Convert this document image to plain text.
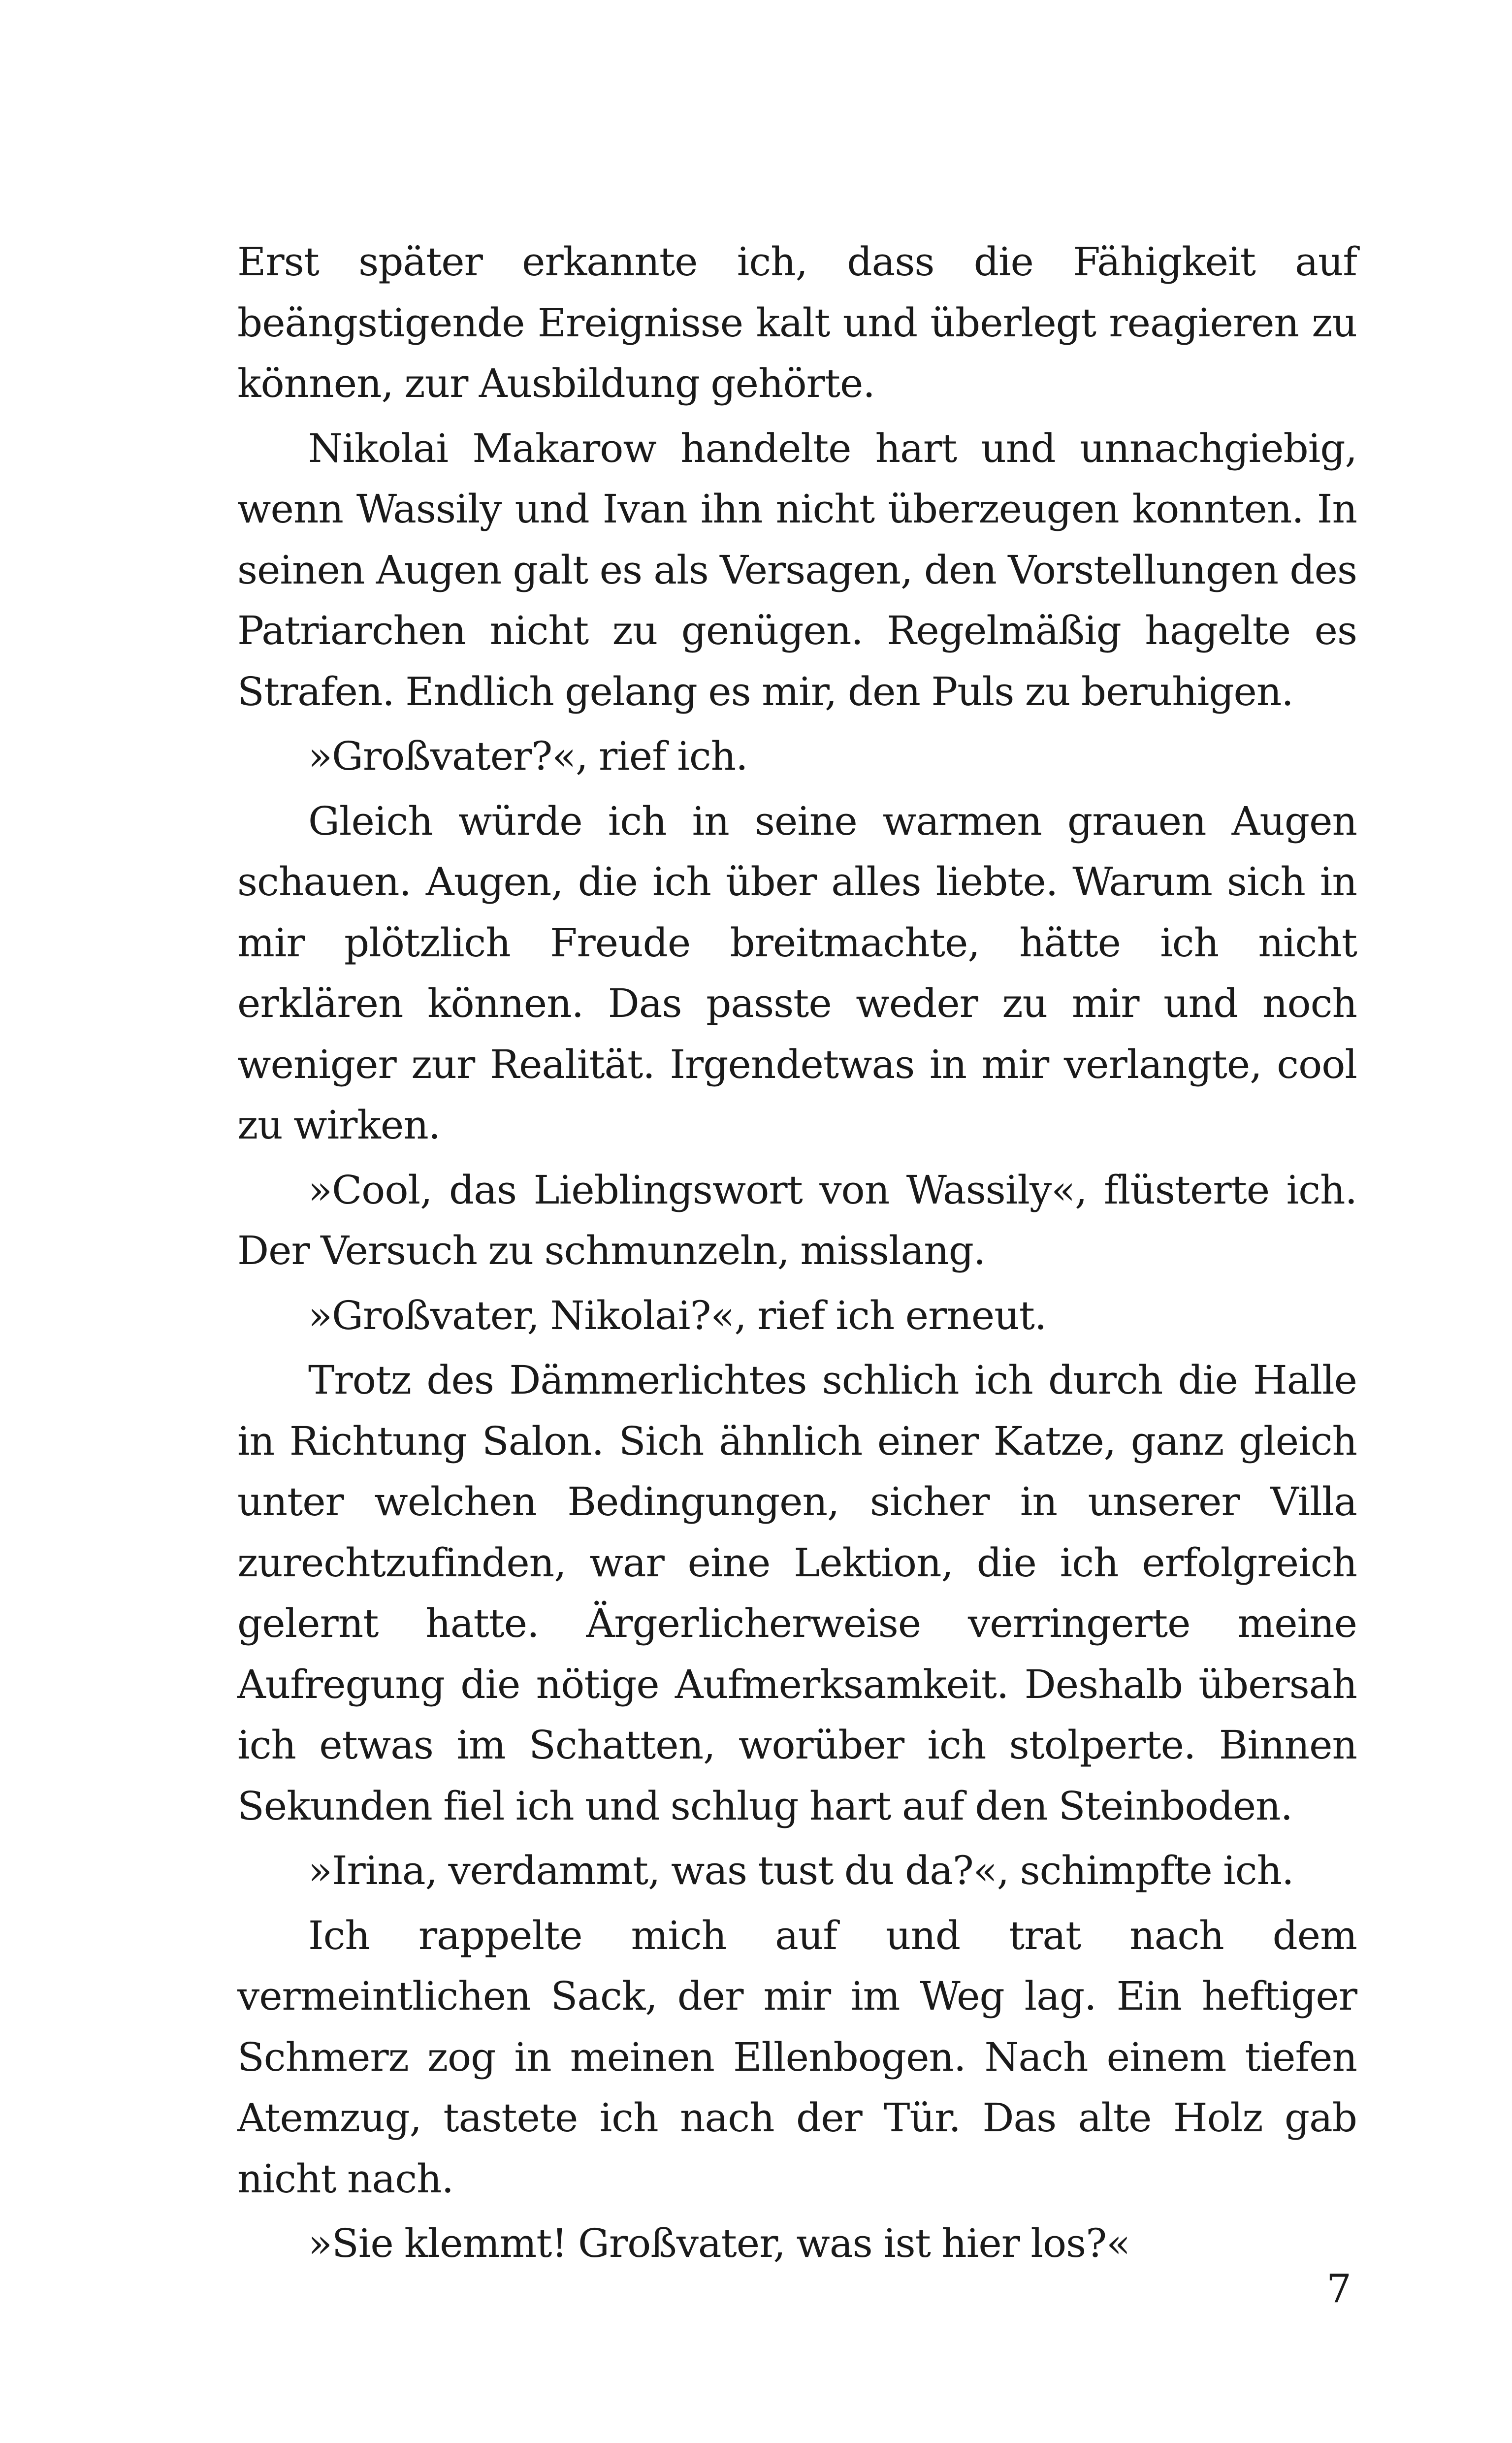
Erst später erkannte ich, dass die Fähigkeit auf beängstigende Ereignisse kalt und überlegt reagieren zu können, zur Ausbildung gehörte.

Nikolai Makarow handelte hart und unnachgiebig, wenn Wassily und Ivan ihn nicht überzeugen konnten. In seinen Augen galt es als Versagen, den Vorstellungen des Patriarchen nicht zu genügen. Regelmäßig hagelte es Strafen. Endlich gelang es mir, den Puls zu beruhigen.

»Großvater?«, rief ich.

Gleich würde ich in seine warmen grauen Augen schauen. Augen, die ich über alles liebte. Warum sich in mir plötzlich Freude breitmachte, hätte ich nicht erklären können. Das passte weder zu mir und noch weniger zur Realität. Irgendetwas in mir verlangte, cool zu wirken.

»Cool, das Lieblingswort von Wassily«, flüsterte ich. Der Versuch zu schmunzeln, misslang.

»Großvater, Nikolai?«, rief ich erneut.

Trotz des Dämmerlichtes schlich ich durch die Halle in Richtung Salon. Sich ähnlich einer Katze, ganz gleich unter welchen Bedingungen, sicher in unserer Villa zurechtzufinden, war eine Lektion, die ich erfolgreich gelernt hatte. Ärgerlicherweise verringerte meine Aufregung die nötige Aufmerksamkeit. Deshalb übersah ich etwas im Schatten, worüber ich stolperte. Binnen Sekunden fiel ich und schlug hart auf den Steinboden.

»Irina, verdammt, was tust du da?«, schimpfte ich.

Ich rappelte mich auf und trat nach dem vermeintlichen Sack, der mir im Weg lag. Ein heftiger Schmerz zog in meinen Ellenbogen. Nach einem tiefen Atemzug, tastete ich nach der Tür. Das alte Holz gab nicht nach.

»Sie klemmt! Großvater, was ist hier los?«

7
